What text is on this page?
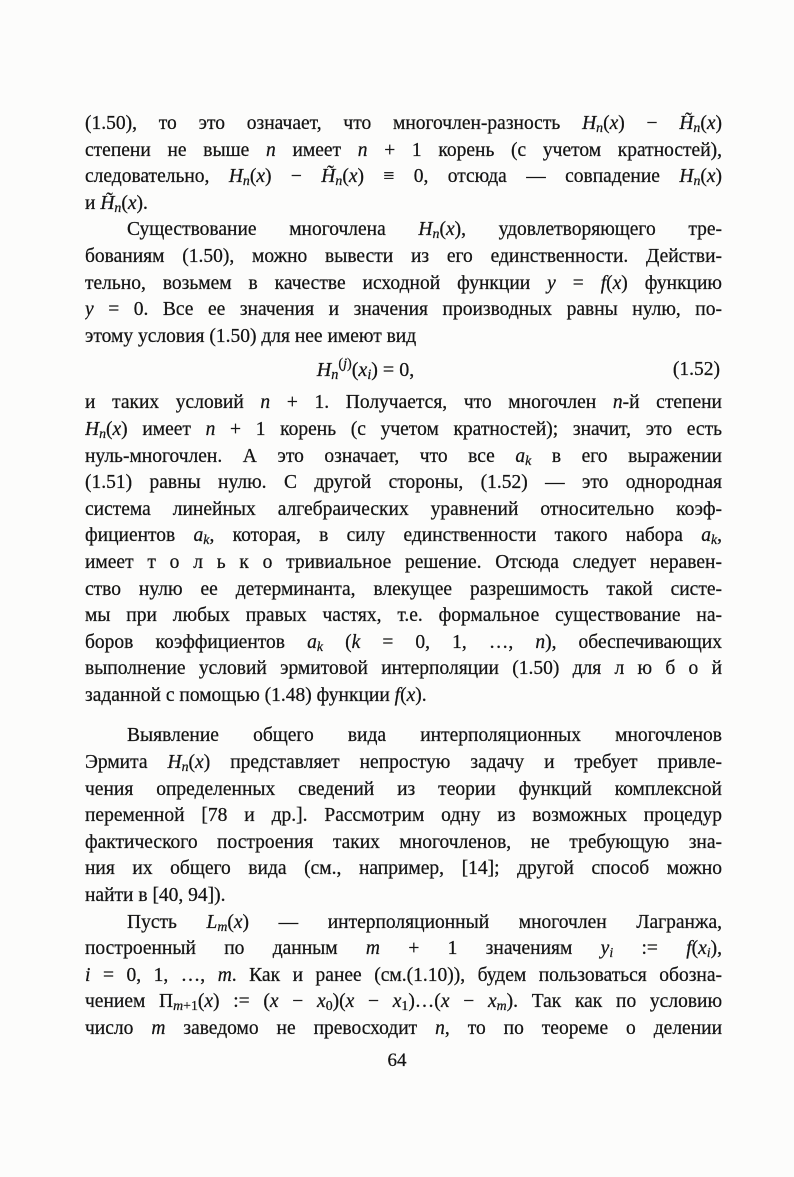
(1.50), то это означает, что многочлен-разность $H_n(x)$ − $H̃_n(x)$
степени не выше n имеет n + 1 корень (с учетом кратностей),
следовательно, $H_n(x)$ − $H̃_n(x) \equiv 0$, отсюда — совпадение $H_n(x)$
и $H̃_n(x)$.
Существование многочлена $H_n(x)$, удовлетворяющего тре-
бованиям (1.50), можно вывести из его единственности. Действи-
тельно, возьмем в качестве исходной функции y = f(x) функцию
y = 0. Все ее значения и значения производных равны нулю, по-
этому условия (1.50) для нее имеют вид
$H_n^{(j)}(x_i) = 0$,	(1.52)
и таких условий n + 1. Получается, что многочлен n-й степени
$H_n(x)$ имеет n + 1 корень (с учетом кратностей); значит, это есть
нуль-многочлен. А это означает, что все $a_k$ в его выражении
(1.51) равны нулю. С другой стороны, (1.52) — это однородная
система линейных алгебраических уравнений относительно коэф-
фициентов $a_k$, которая, в силу единственности такого набора $a_k$,
имеет т о л ь к о тривиальное решение. Отсюда следует неравен-
ство нулю ее детерминанта, влекущее разрешимость такой систе-
мы при любых правых частях, т.е. формальное существование на-
боров коэффициентов $a_k$ (k = 0, 1, …, n), обеспечивающих
выполнение условий эрмитовой интерполяции (1.50) для л ю б о й
заданной с помощью (1.48) функции f(x).
Выявление общего вида интерполяционных многочленов
Эрмита $H_n(x)$ представляет непростую задачу и требует привле-
чения определенных сведений из теории функций комплексной
переменной [78 и др.]. Рассмотрим одну из возможных процедур
фактического построения таких многочленов, не требующую зна-
ния их общего вида (см., например, [14]; другой способ можно
найти в [40, 94]).
Пусть $L_m(x)$ — интерполяционный многочлен Лагранжа,
построенный по данным m + 1 значениям $y_i$ := $f(x_i)$,
i = 0, 1, …, m. Как и ранее (см.(1.10)), будем пользоваться обозна-
чением $\Pi_{m+1}(x)$ := $(x - x_0)(x$ − $x_1)\dots(x - x_m)$. Так как по условию
число m заведомо не превосходит n, то по теореме о делении
64
